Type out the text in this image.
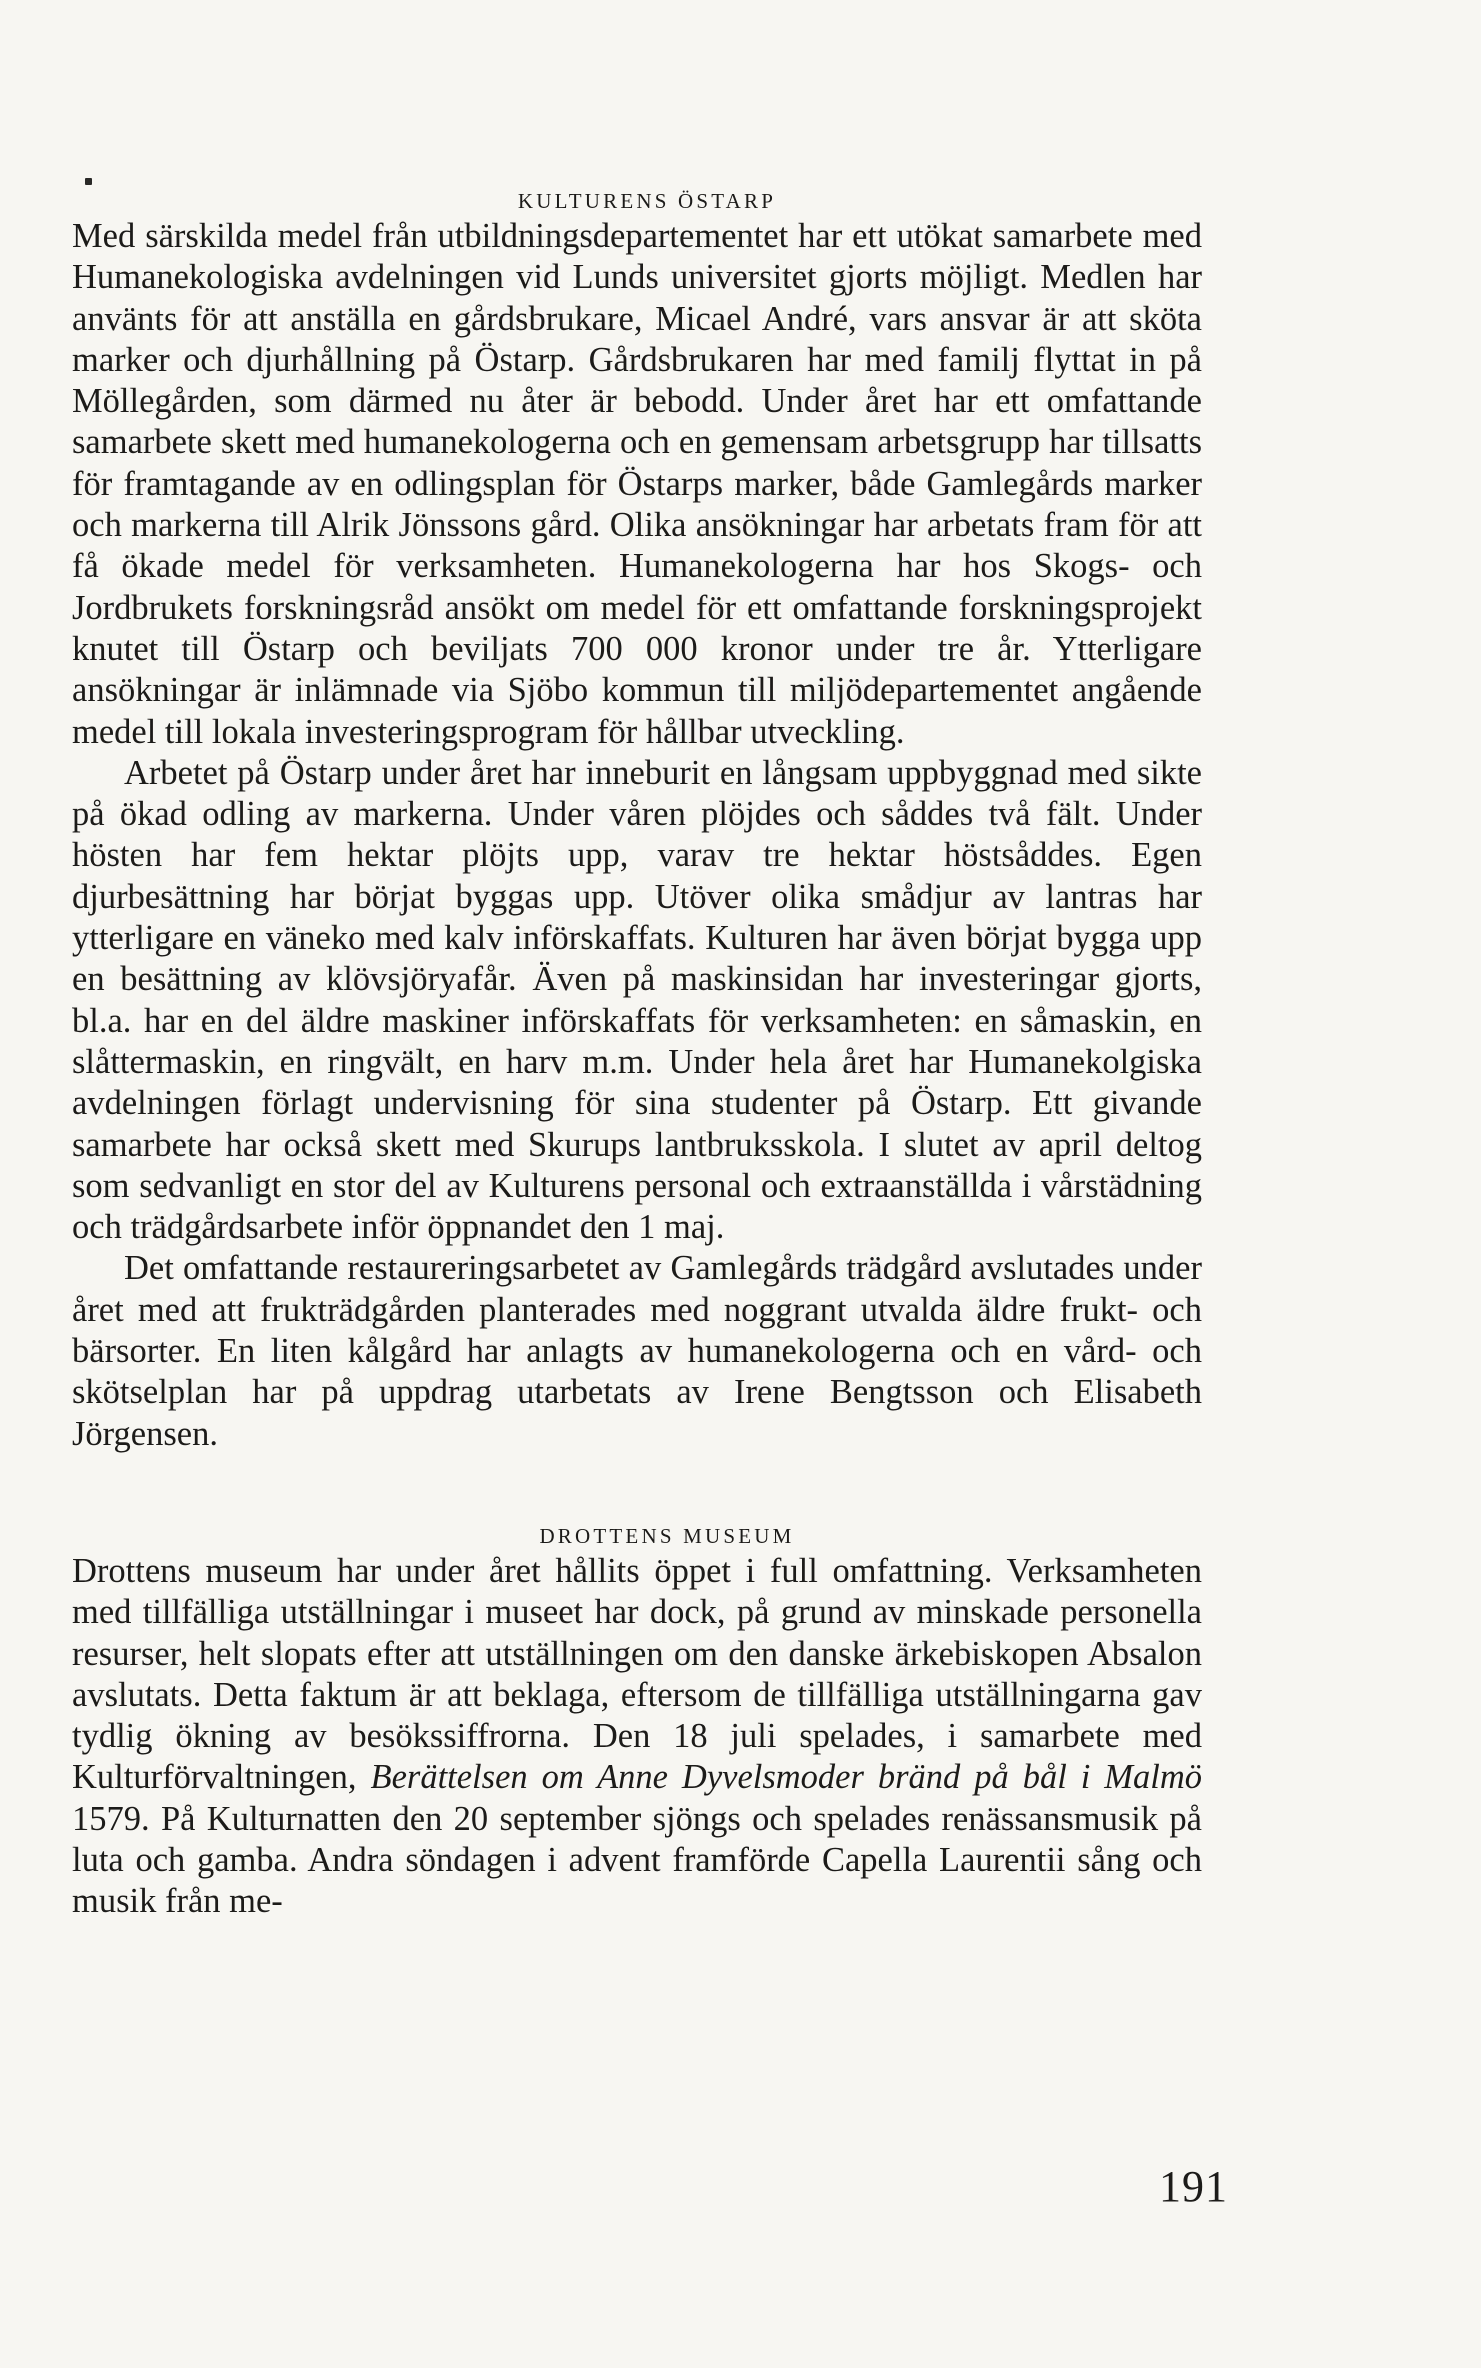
KULTURENS ÖSTARP

Med särskilda medel från utbildningsdepartementet har ett utökat samarbete med Humanekologiska avdelningen vid Lunds universitet gjorts möjligt. Medlen har använts för att anställa en gårdsbrukare, Micael André, vars ansvar är att sköta marker och djurhållning på Östarp. Gårdsbrukaren har med familj flyttat in på Möllegården, som därmed nu åter är bebodd. Under året har ett omfattande samarbete skett med humanekologerna och en gemensam arbetsgrupp har tillsatts för framtagande av en odlingsplan för Östarps marker, både Gamlegårds marker och markerna till Alrik Jönssons gård. Olika ansökningar har arbetats fram för att få ökade medel för verksamheten. Humanekologerna har hos Skogs- och Jordbrukets forskningsråd ansökt om medel för ett omfattande forskningsprojekt knutet till Östarp och beviljats 700 000 kronor under tre år. Ytterligare ansökningar är inlämnade via Sjöbo kommun till miljödepartementet angående medel till lokala investeringsprogram för hållbar utveckling.

Arbetet på Östarp under året har inneburit en långsam uppbyggnad med sikte på ökad odling av markerna. Under våren plöjdes och såddes två fält. Under hösten har fem hektar plöjts upp, varav tre hektar höstsåddes. Egen djurbesättning har börjat byggas upp. Utöver olika smådjur av lantras har ytterligare en väneko med kalv införskaffats. Kulturen har även börjat bygga upp en besättning av klövsjöryafår. Även på maskinsidan har investeringar gjorts, bl.a. har en del äldre maskiner införskaffats för verksamheten: en såmaskin, en slåttermaskin, en ringvält, en harv m.m. Under hela året har Humanekolgiska avdelningen förlagt undervisning för sina studenter på Östarp. Ett givande samarbete har också skett med Skurups lantbruksskola. I slutet av april deltog som sedvanligt en stor del av Kulturens personal och extraanställda i vårstädning och trädgårdsarbete inför öppnandet den 1 maj.

Det omfattande restaureringsarbetet av Gamlegårds trädgård avslutades under året med att frukträdgården planterades med noggrant utvalda äldre frukt- och bärsorter. En liten kålgård har anlagts av humanekologerna och en vård- och skötselplan har på uppdrag utarbetats av Irene Bengtsson och Elisabeth Jörgensen.

DROTTENS MUSEUM

Drottens museum har under året hållits öppet i full omfattning. Verksamheten med tillfälliga utställningar i museet har dock, på grund av minskade personella resurser, helt slopats efter att utställningen om den danske ärkebiskopen Absalon avslutats. Detta faktum är att beklaga, eftersom de tillfälliga utställningarna gav tydlig ökning av besökssiffrorna. Den 18 juli spelades, i samarbete med Kulturförvaltningen, Berättelsen om Anne Dyvelsmoder bränd på bål i Malmö 1579. På Kulturnatten den 20 september sjöngs och spelades renässansmusik på luta och gamba. Andra söndagen i advent framförde Capella Laurentii sång och musik från me-

191
